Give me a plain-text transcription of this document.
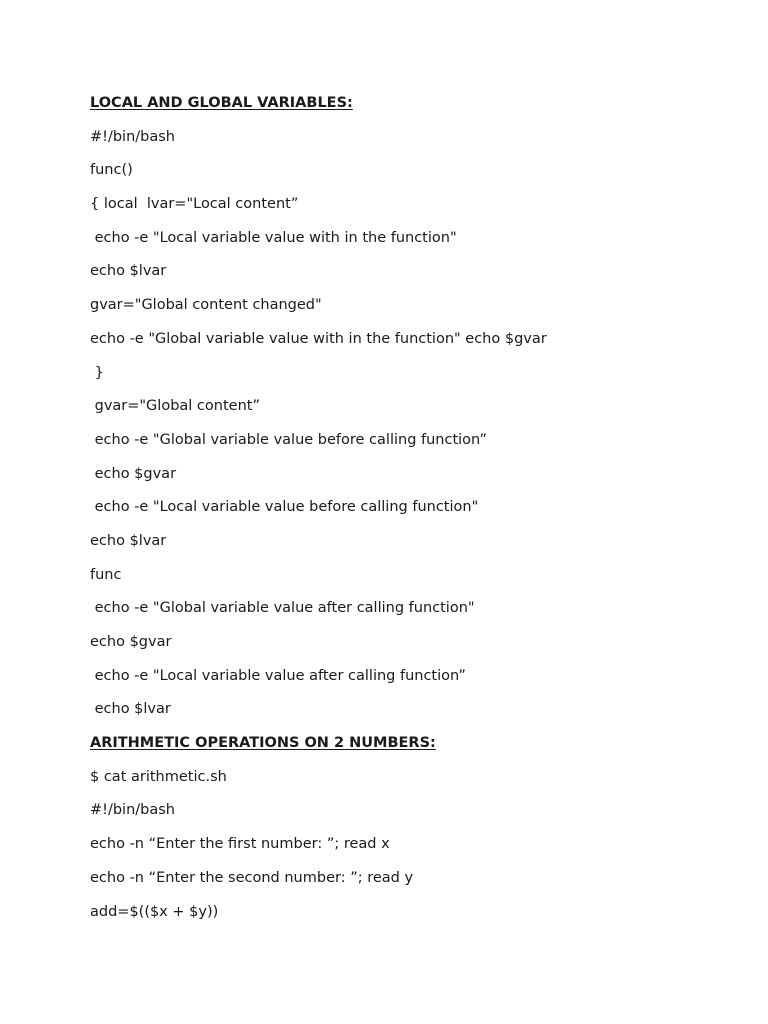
LOCAL AND GLOBAL VARIABLES:
#!/bin/bash
func()
{ local  lvar="Local content”
echo -e "Local variable value with in the function"
echo $lvar
gvar="Global content changed"
echo -e "Global variable value with in the function" echo $gvar
}
gvar="Global content”
echo -e "Global variable value before calling function”
echo $gvar
echo -e "Local variable value before calling function"
echo $lvar
func
echo -e "Global variable value after calling function"
echo $gvar
echo -e "Local variable value after calling function”
echo $lvar
ARITHMETIC OPERATIONS ON 2 NUMBERS:
$ cat arithmetic.sh
#!/bin/bash
echo -n “Enter the first number: ”; read x
echo -n “Enter the second number: ”; read y
add=$(($x + $y))
